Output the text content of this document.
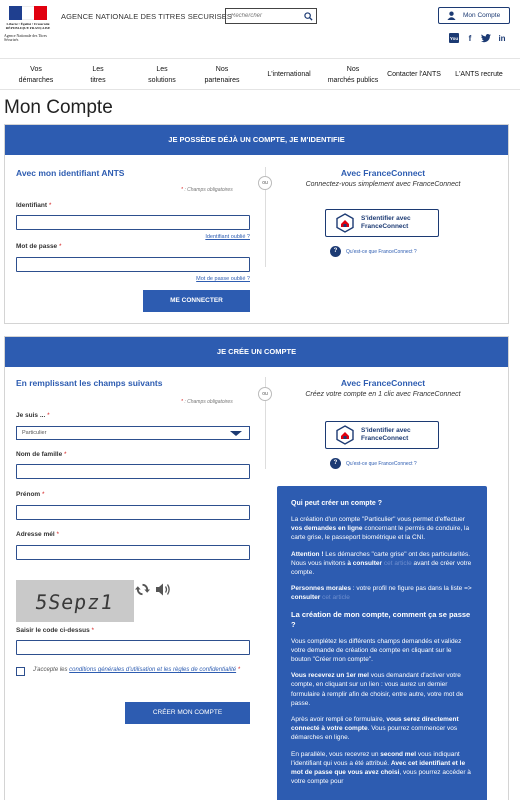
Liberté • Égalité • Fraternité RÉPUBLIQUE FRANÇAISE
Agence Nationale des Titres Sécurisés
AGENCE NATIONALE DES TITRES SECURISES
Rechercher	Mon Compte
You	f	in
Vos
démarches
Les
titres
Les
solutions
Nos
partenaires
L'international
Nos
marchés publics
Contacter l'ANTS	L'ANTS recrute
Mon Compte
JE POSSÈDE DÉJÀ UN COMPTE, JE M'IDENTIFIE
Avec mon identifiant ANTS
* : Champs obligatoires
Identifiant *
Identifiant oublié ?
Mot de passe *
Mot de passe oublié ?
ME CONNECTER
ou
Avec FranceConnect
Connectez-vous simplement avec FranceConnect
S'identifier avec
FranceConnect
?	Qu'est-ce que FranceConnect ?
JE CRÉE UN COMPTE
En remplissant les champs suivants
* : Champs obligatoires
Je suis ... *
Particulier
Nom de famille *
Prénom *
Adresse mél *
5Sepz1
Saisir le code ci-dessus *
J'accepte les conditions générales d'utilisation et les règles de confidentialité *
CRÉER MON COMPTE
ou
Avec FranceConnect
Créez votre compte en 1 clic avec FranceConnect
S'identifier avec
FranceConnect
?	Qu'est-ce que FranceConnect ?
Qui peut créer un compte ?

La création d'un compte "Particulier" vous permet d'effectuer vos demandes en ligne concernant le permis de conduire, la carte grise, le passeport biométrique et la CNI.

Attention ! Les démarches "carte grise" ont des particularités. Nous vous invitons à consulter cet article avant de créer votre compte.

Personnes morales : votre profil ne figure pas dans la liste => consulter cet article

La création de mon compte, comment ça se passe ?

Vous complétez les différents champs demandés et validez votre demande de création de compte en cliquant sur le bouton "Créer mon compte".

Vous recevrez un 1er mel vous demandant d'activer votre compte, en cliquant sur un lien : vous aurez un dernier formulaire à remplir afin de choisir, entre autre, votre mot de passe.

Après avoir rempli ce formulaire, vous serez directement connecté à votre compte. Vous pourrez commencer vos démarches en ligne.

En parallèle, vous recevrez un second mel vous indiquant l'identifiant qui vous a été attribué. Avec cet identifiant et le mot de passe que vous avez choisi, vous pourrez accéder à votre compte pour
